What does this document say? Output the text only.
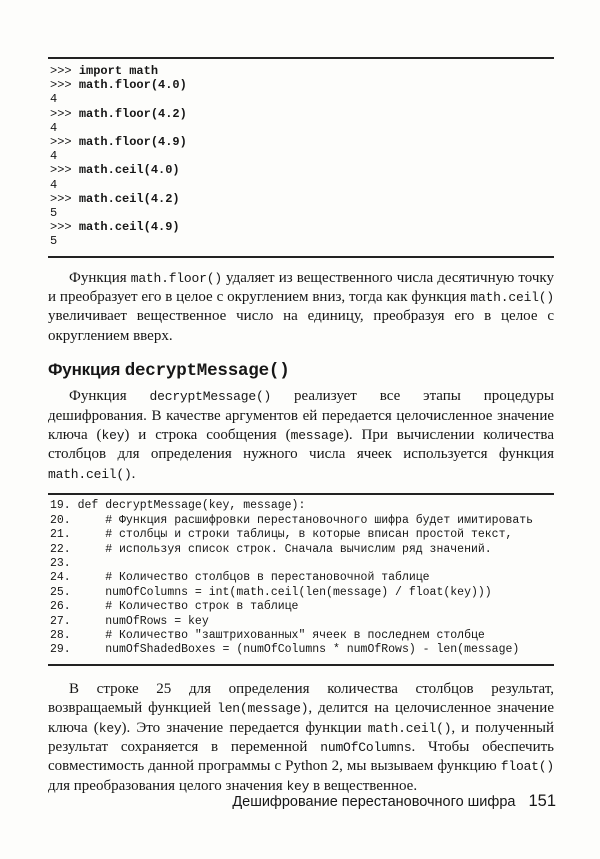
>>> import math
>>> math.floor(4.0)
4
>>> math.floor(4.2)
4
>>> math.floor(4.9)
4
>>> math.ceil(4.0)
4
>>> math.ceil(4.2)
5
>>> math.ceil(4.9)
5

Функция math.floor() удаляет из вещественного числа десятичную точку и преобразует его в целое с округлением вниз, тогда как функция math.ceil() увеличивает вещественное число на единицу, преобразуя его в целое с округлением вверх.

Функция decryptMessage()

Функция decryptMessage() реализует все этапы процедуры дешифрования. В качестве аргументов ей передается целочисленное значение ключа (key) и строка сообщения (message). При вычислении количества столбцов для определения нужного числа ячеек используется функция math.ceil().

19. def decryptMessage(key, message):
20.     # Функция расшифровки перестановочного шифра будет имитировать
21.     # столбцы и строки таблицы, в которые вписан простой текст,
22.     # используя список строк. Сначала вычислим ряд значений.
23.
24.     # Количество столбцов в перестановочной таблице
25.     numOfColumns = int(math.ceil(len(message) / float(key)))
26.     # Количество строк в таблице
27.     numOfRows = key
28.     # Количество "заштрихованных" ячеек в последнем столбце
29.     numOfShadedBoxes = (numOfColumns * numOfRows) - len(message)

В строке 25 для определения количества столбцов результат, возвращаемый функцией len(message), делится на целочисленное значение ключа (key). Это значение передается функции math.ceil(), и полученный результат сохраняется в переменной numOfColumns. Чтобы обеспечить совместимость данной программы с Python 2, мы вызываем функцию float() для преобразования целого значения key в вещественное.

Дешифрование перестановочного шифра 151
